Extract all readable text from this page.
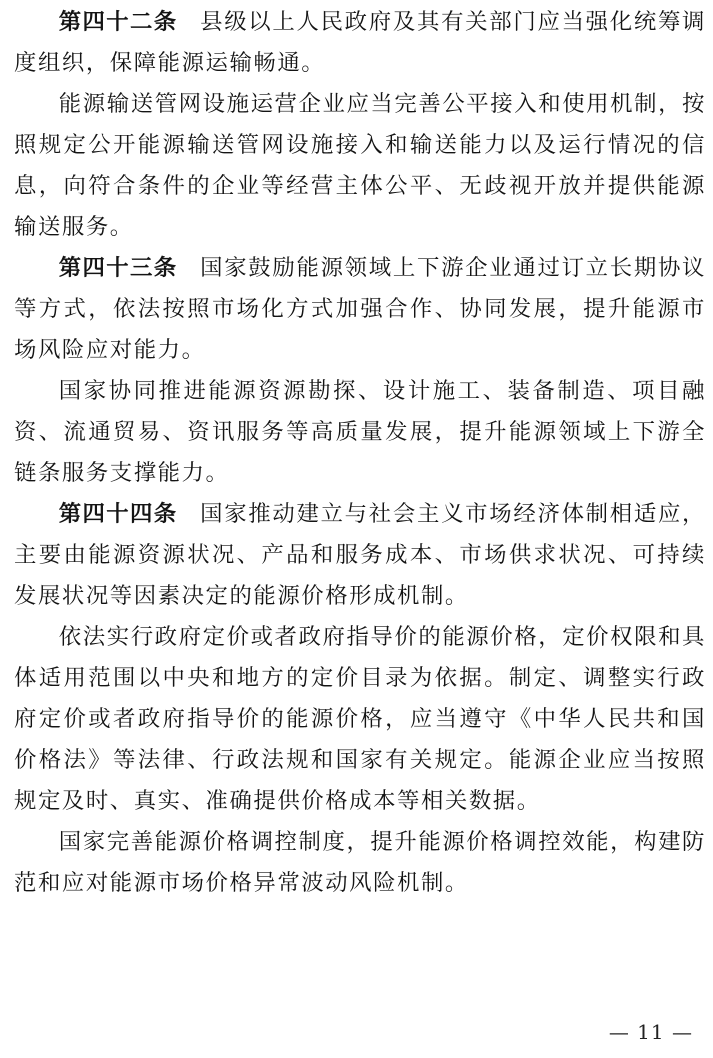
第四十二条 县级以上人民政府及其有关部门应当强化统筹调度组织，保障能源运输畅通。

能源输送管网设施运营企业应当完善公平接入和使用机制，按照规定公开能源输送管网设施接入和输送能力以及运行情况的信息，向符合条件的企业等经营主体公平、无歧视开放并提供能源输送服务。

第四十三条 国家鼓励能源领域上下游企业通过订立长期协议等方式，依法按照市场化方式加强合作、协同发展，提升能源市场风险应对能力。

国家协同推进能源资源勘探、设计施工、装备制造、项目融资、流通贸易、资讯服务等高质量发展，提升能源领域上下游全链条服务支撑能力。

第四十四条 国家推动建立与社会主义市场经济体制相适应，主要由能源资源状况、产品和服务成本、市场供求状况、可持续发展状况等因素决定的能源价格形成机制。

依法实行政府定价或者政府指导价的能源价格，定价权限和具体适用范围以中央和地方的定价目录为依据。制定、调整实行政府定价或者政府指导价的能源价格，应当遵守《中华人民共和国价格法》等法律、行政法规和国家有关规定。能源企业应当按照规定及时、真实、准确提供价格成本等相关数据。

国家完善能源价格调控制度，提升能源价格调控效能，构建防范和应对能源市场价格异常波动风险机制。

— 11 —
